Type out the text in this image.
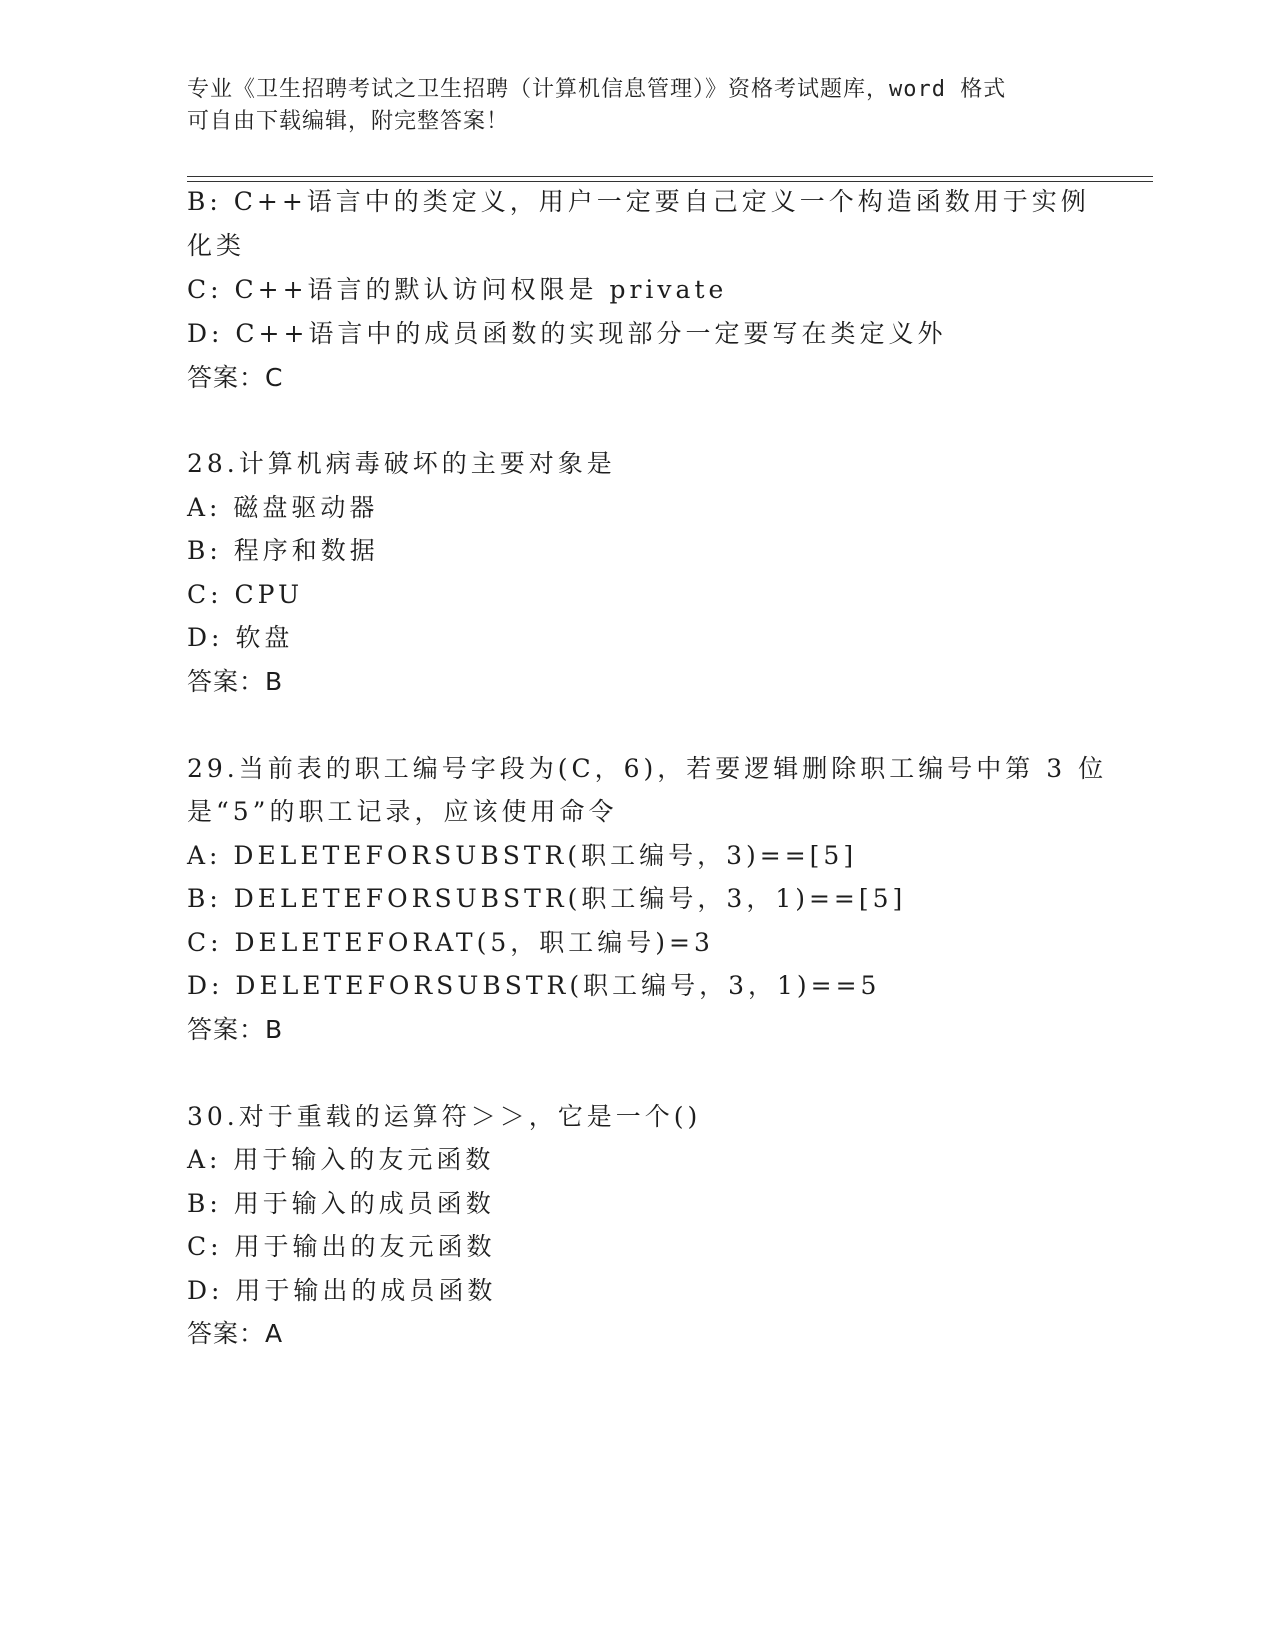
专业《卫生招聘考试之卫生招聘（计算机信息管理）》资格考试题库，word 格式
可自由下载编辑，附完整答案！
B: C++语言中的类定义，用户一定要自己定义一个构造函数用于实例
化类
C: C++语言的默认访问权限是 private
D: C++语言中的成员函数的实现部分一定要写在类定义外
答案：C
28.计算机病毒破坏的主要对象是
A: 磁盘驱动器
B: 程序和数据
C: CPU
D: 软盘
答案：B
29.当前表的职工编号字段为(C，6)，若要逻辑删除职工编号中第 3 位
是“5”的职工记录，应该使用命令
A: DELETEFORSUBSTR(职工编号，3)==[5]
B: DELETEFORSUBSTR(职工编号，3，1)==[5]
C: DELETEFORAT(5，职工编号)=3
D: DELETEFORSUBSTR(职工编号，3，1)==5
答案：B
30.对于重载的运算符＞＞，它是一个()
A: 用于输入的友元函数
B: 用于输入的成员函数
C: 用于输出的友元函数
D: 用于输出的成员函数
答案：A
